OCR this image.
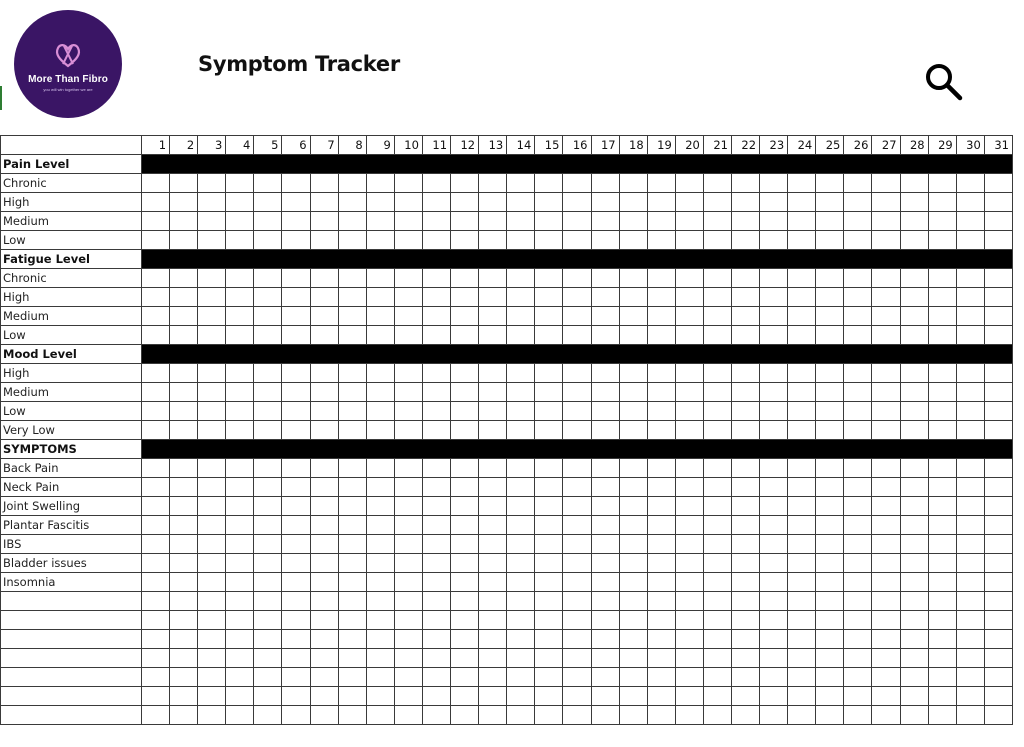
More Than Fibro
you will win together we are
Symptom Tracker
	1	2	3	4	5	6	7	8	9	10	11	12	13	14	15	16	17	18	19	20	21	22	23	24	25	26	27	28	29	30	31
Pain Level																															
Chronic																															
High																															
Medium																															
Low																															
Fatigue Level																															
Chronic																															
High																															
Medium																															
Low																															
Mood Level																															
High																															
Medium																															
Low																															
Very Low																															
SYMPTOMS																															
Back Pain																															
Neck Pain																															
Joint Swelling																															
Plantar Fascitis																															
IBS																															
Bladder issues																															
Insomnia																															
